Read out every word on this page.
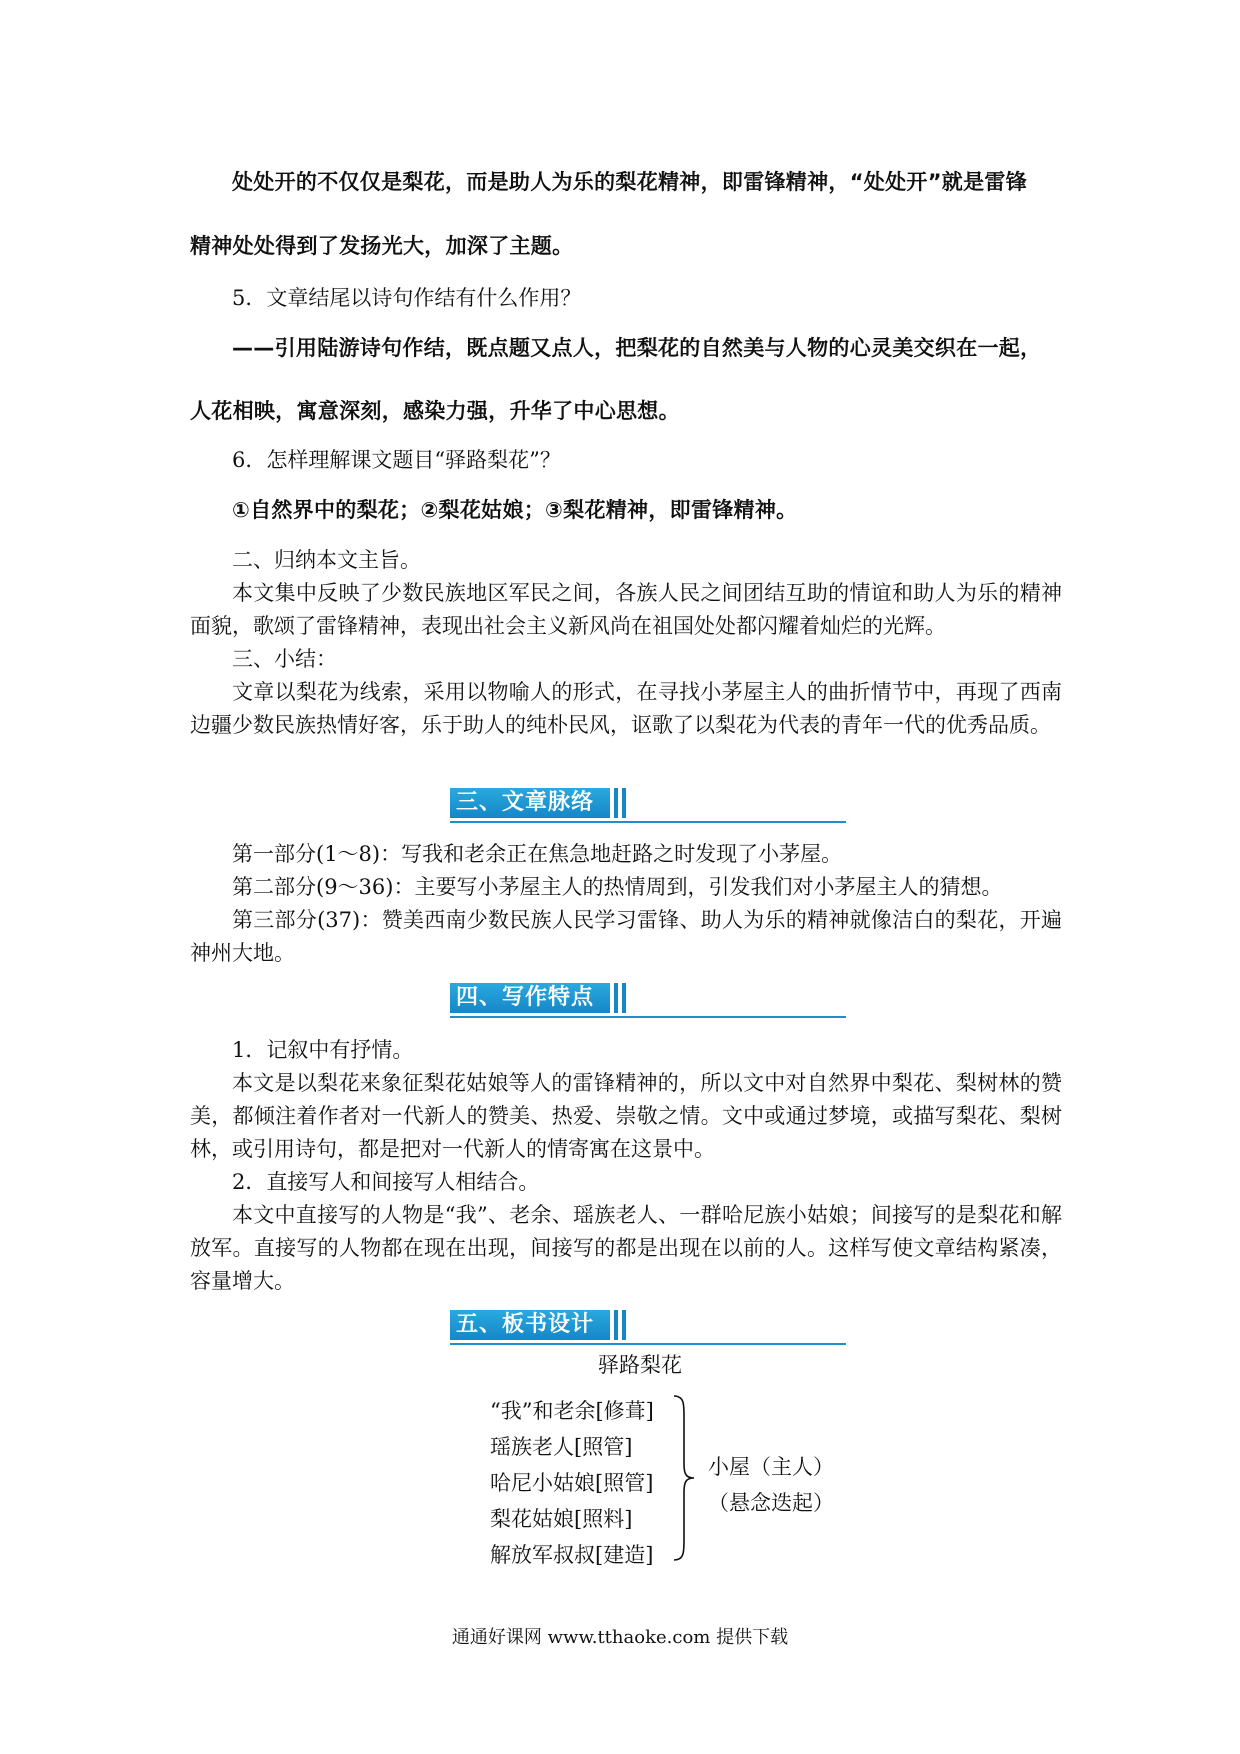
处处开的不仅仅是梨花，而是助人为乐的梨花精神，即雷锋精神，“处处开”就是雷锋
精神处处得到了发扬光大，加深了主题。
5．文章结尾以诗句作结有什么作用？
——引用陆游诗句作结，既点题又点人，把梨花的自然美与人物的心灵美交织在一起，
人花相映，寓意深刻，感染力强，升华了中心思想。
6．怎样理解课文题目“驿路梨花”？
①自然界中的梨花；②梨花姑娘；③梨花精神，即雷锋精神。
二、归纳本文主旨。

本文集中反映了少数民族地区军民之间，各族人民之间团结互助的情谊和助人为乐的精神面貌，歌颂了雷锋精神，表现出社会主义新风尚在祖国处处都闪耀着灿烂的光辉。

三、小结：

文章以梨花为线索，采用以物喻人的形式，在寻找小茅屋主人的曲折情节中，再现了西南边疆少数民族热情好客，乐于助人的纯朴民风，讴歌了以梨花为代表的青年一代的优秀品质。

三、文章脉络
第一部分(1～8)：写我和老余正在焦急地赶路之时发现了小茅屋。
第二部分(9～36)：主要写小茅屋主人的热情周到，引发我们对小茅屋主人的猜想。

第三部分(37)：赞美西南少数民族人民学习雷锋、助人为乐的精神就像洁白的梨花，开遍神州大地。

四、写作特点
1．记叙中有抒情。

本文是以梨花来象征梨花姑娘等人的雷锋精神的，所以文中对自然界中梨花、梨树林的赞美，都倾注着作者对一代新人的赞美、热爱、崇敬之情。文中或通过梦境，或描写梨花、梨树林，或引用诗句，都是把对一代新人的情寄寓在这景中。

2．直接写人和间接写人相结合。

本文中直接写的人物是“我”、老余、瑶族老人、一群哈尼族小姑娘；间接写的是梨花和解放军。直接写的人物都在现在出现，间接写的都是出现在以前的人。这样写使文章结构紧凑，容量增大。

五、板书设计
驿路梨花
“我”和老余[修葺]
瑶族老人[照管]
哈尼小姑娘[照管]
梨花姑娘[照料]
解放军叔叔[建造]
小屋（主人）
（悬念迭起）
通通好课网 www.tthaoke.com 提供下载
